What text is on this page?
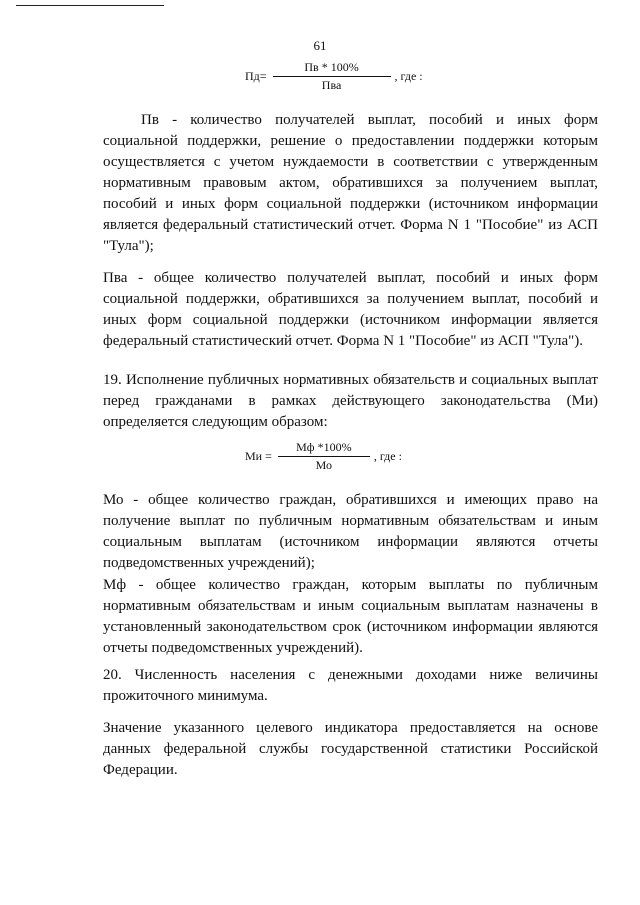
61
$Пд= \frac{Пв * 100\%}{\text{Пва}}$ , где :

Пв - количество получателей выплат, пособий и иных форм социальной поддержки, решение о предоставлении поддержки которым осуществляется с учетом нуждаемости в соответствии с утвержденным нормативным правовым актом, обратившихся за получением выплат, пособий и иных форм социальной поддержки (источником информации является федеральный статистический отчет. Форма N 1 "Пособие" из АСП "Тула");

Пва - общее количество получателей выплат, пособий и иных форм социальной поддержки, обратившихся за получением выплат, пособий и иных форм социальной поддержки (источником информации является федеральный статистический отчет. Форма N 1 "Пособие" из АСП "Тула").

19. Исполнение публичных нормативных обязательств и социальных выплат перед гражданами в рамках действующего законодательства (Ми) определяется следующим образом:

Ми = $\frac{Мф *100\%}{Мо}$ , где :

Мо - общее количество граждан, обратившихся и имеющих право на получение выплат по публичным нормативным обязательствам и иным социальным выплатам (источником информации являются отчеты подведомственных учреждений);

Мф - общее количество граждан, которым выплаты по публичным нормативным обязательствам и иным социальным выплатам назначены в установленный законодательством срок (источником информации являются отчеты подведомственных учреждений).

20. Численность населения с денежными доходами ниже величины прожиточного минимума.

Значение указанного целевого индикатора предоставляется на основе данных федеральной службы государственной статистики Российской Федерации.
